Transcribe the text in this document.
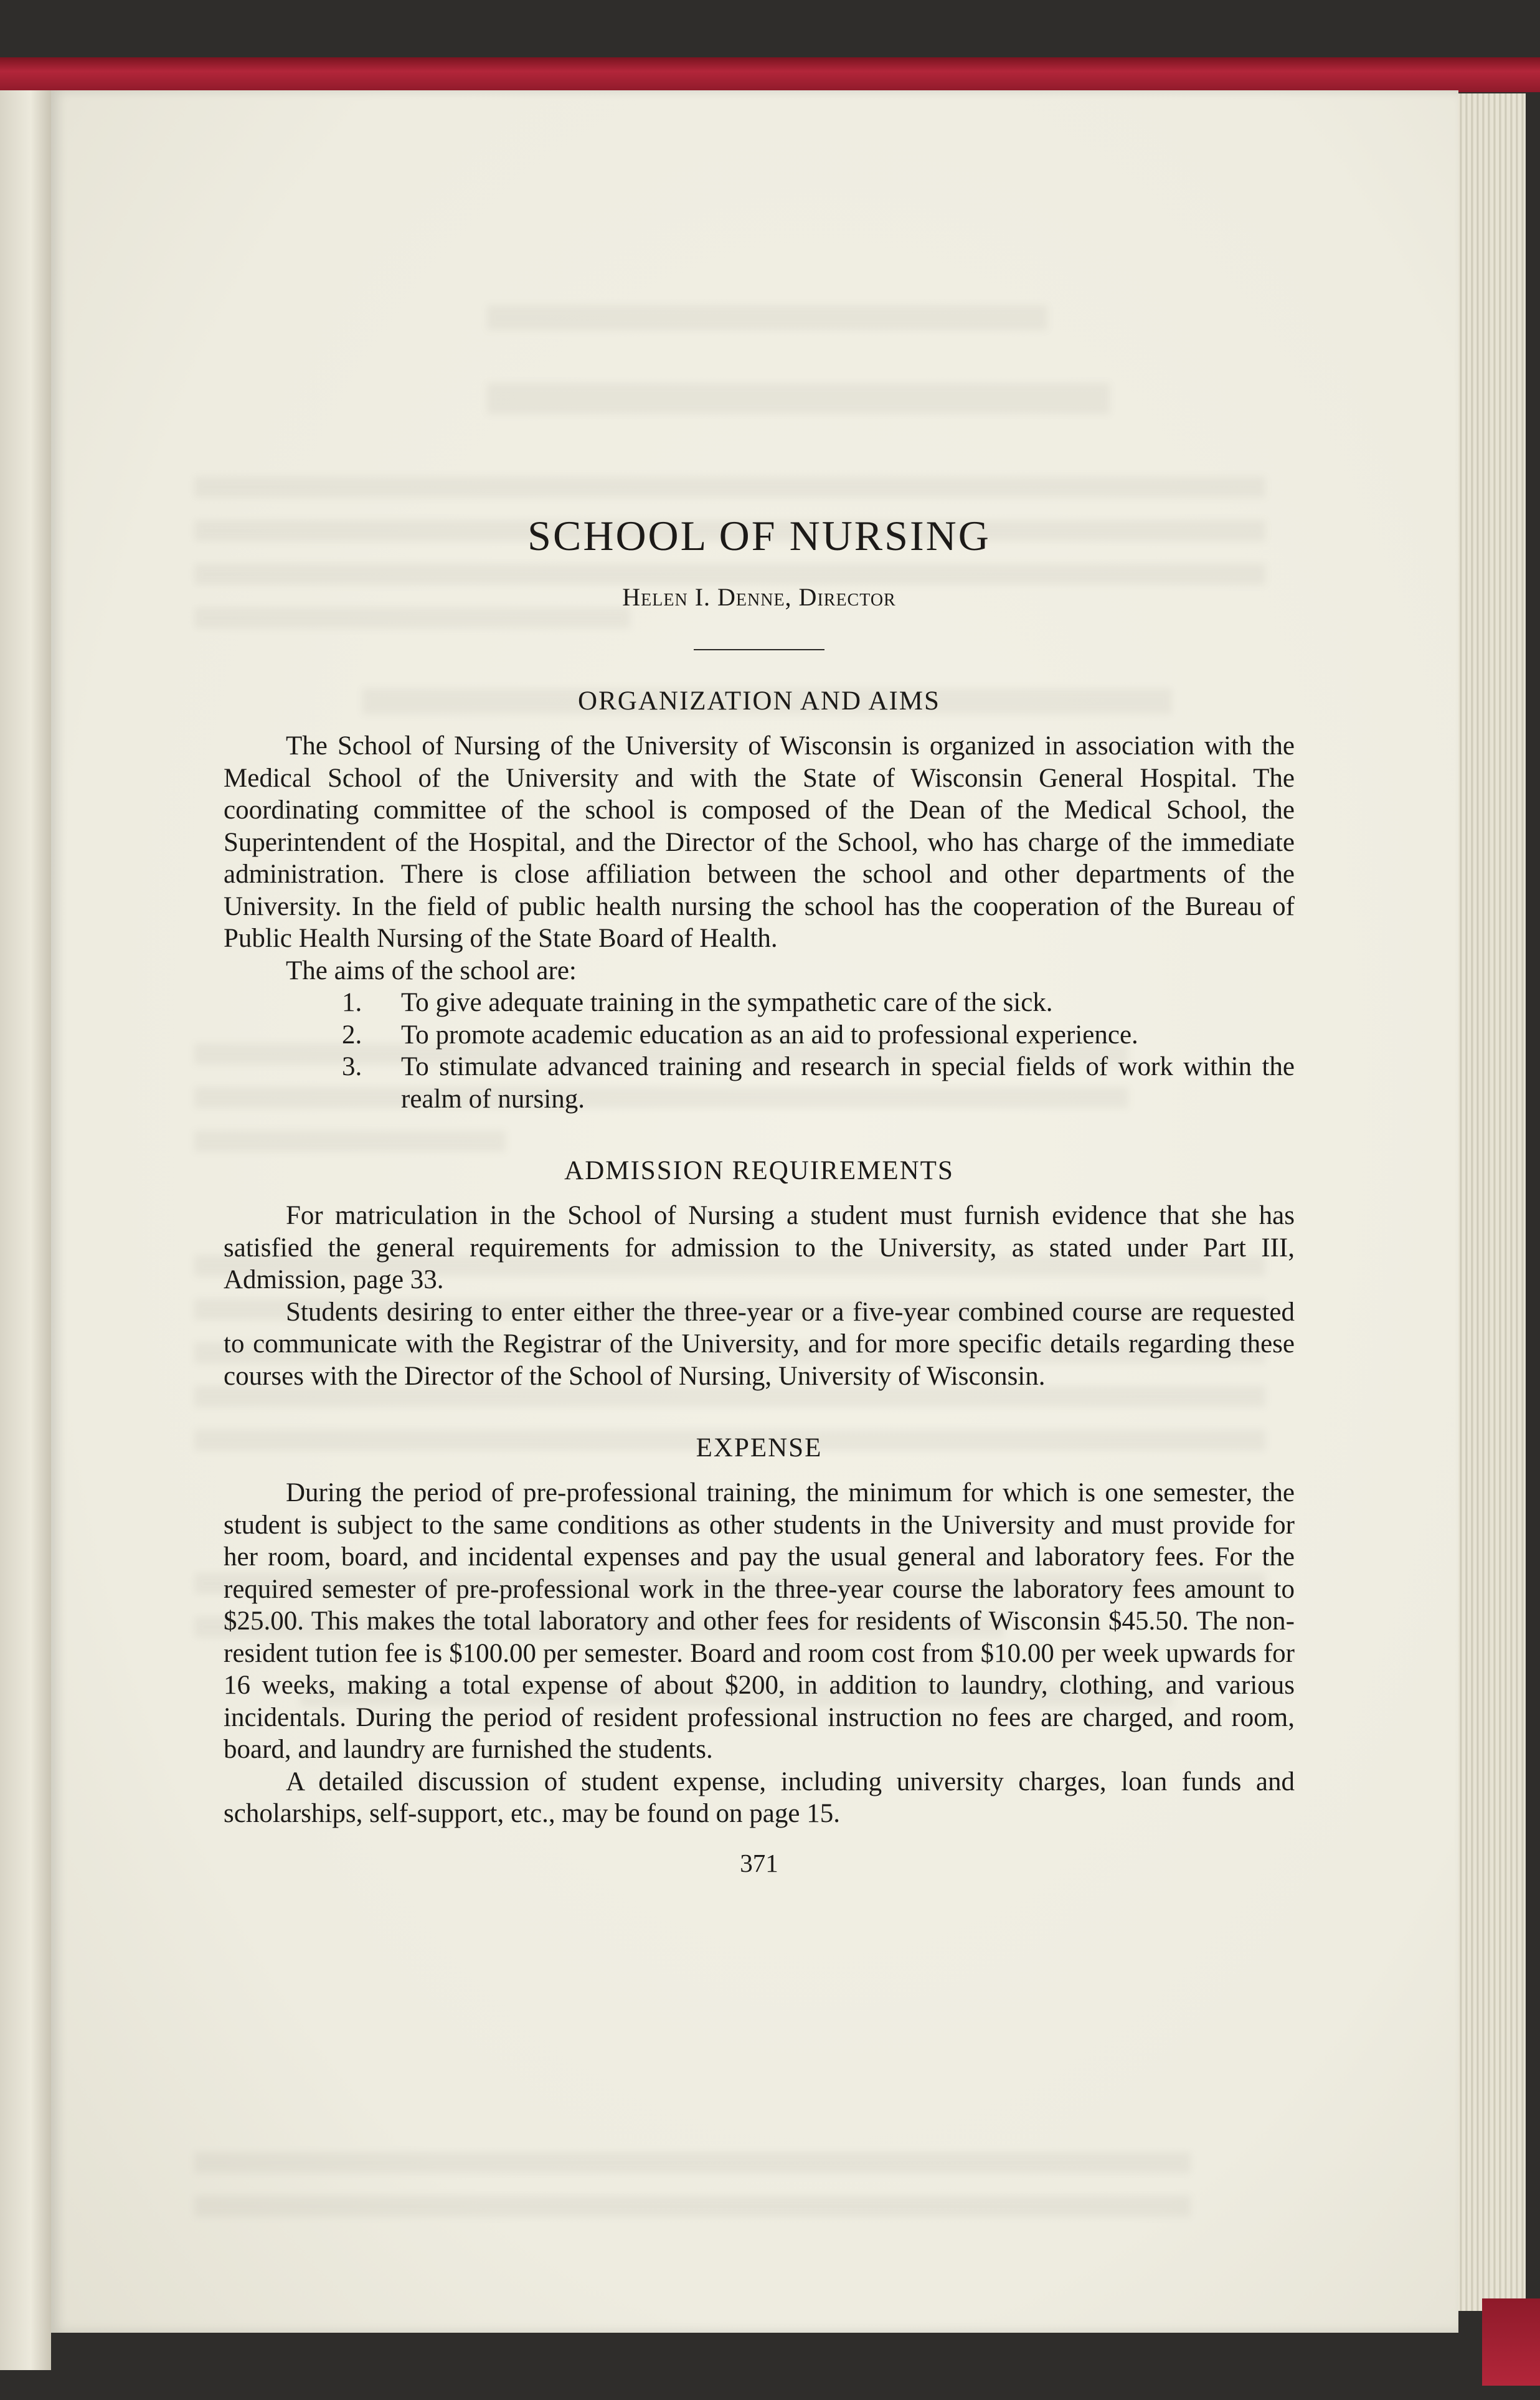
SCHOOL OF NURSING
Helen I. Denne, Director
ORGANIZATION AND AIMS

The School of Nursing of the University of Wisconsin is organized in association with the Medical School of the University and with the State of Wisconsin General Hospital. The coordinating committee of the school is composed of the Dean of the Medical School, the Superintendent of the Hospital, and the Director of the School, who has charge of the immediate administration. There is close affiliation between the school and other departments of the University. In the field of public health nursing the school has the cooperation of the Bureau of Public Health Nursing of the State Board of Health.

The aims of the school are:

1. To give adequate training in the sympathetic care of the sick.
2. To promote academic education as an aid to professional experience.
3. To stimulate advanced training and research in special fields of work within the realm of nursing.
ADMISSION REQUIREMENTS

For matriculation in the School of Nursing a student must furnish evidence that she has satisfied the general requirements for admission to the University, as stated under Part III, Admission, page 33.

Students desiring to enter either the three-year or a five-year combined course are requested to communicate with the Registrar of the University, and for more specific details regarding these courses with the Director of the School of Nursing, University of Wisconsin.

EXPENSE

During the period of pre-professional training, the minimum for which is one semester, the student is subject to the same conditions as other students in the University and must provide for her room, board, and incidental expenses and pay the usual general and laboratory fees. For the required semester of pre-professional work in the three-year course the laboratory fees amount to $25.00. This makes the total laboratory and other fees for residents of Wisconsin $45.50. The non-resident tution fee is $100.00 per semester. Board and room cost from $10.00 per week upwards for 16 weeks, making a total expense of about $200, in addition to laundry, clothing, and various incidentals. During the period of resident professional instruction no fees are charged, and room, board, and laundry are furnished the students.

A detailed discussion of student expense, including university charges, loan funds and scholarships, self-support, etc., may be found on page 15.

371
